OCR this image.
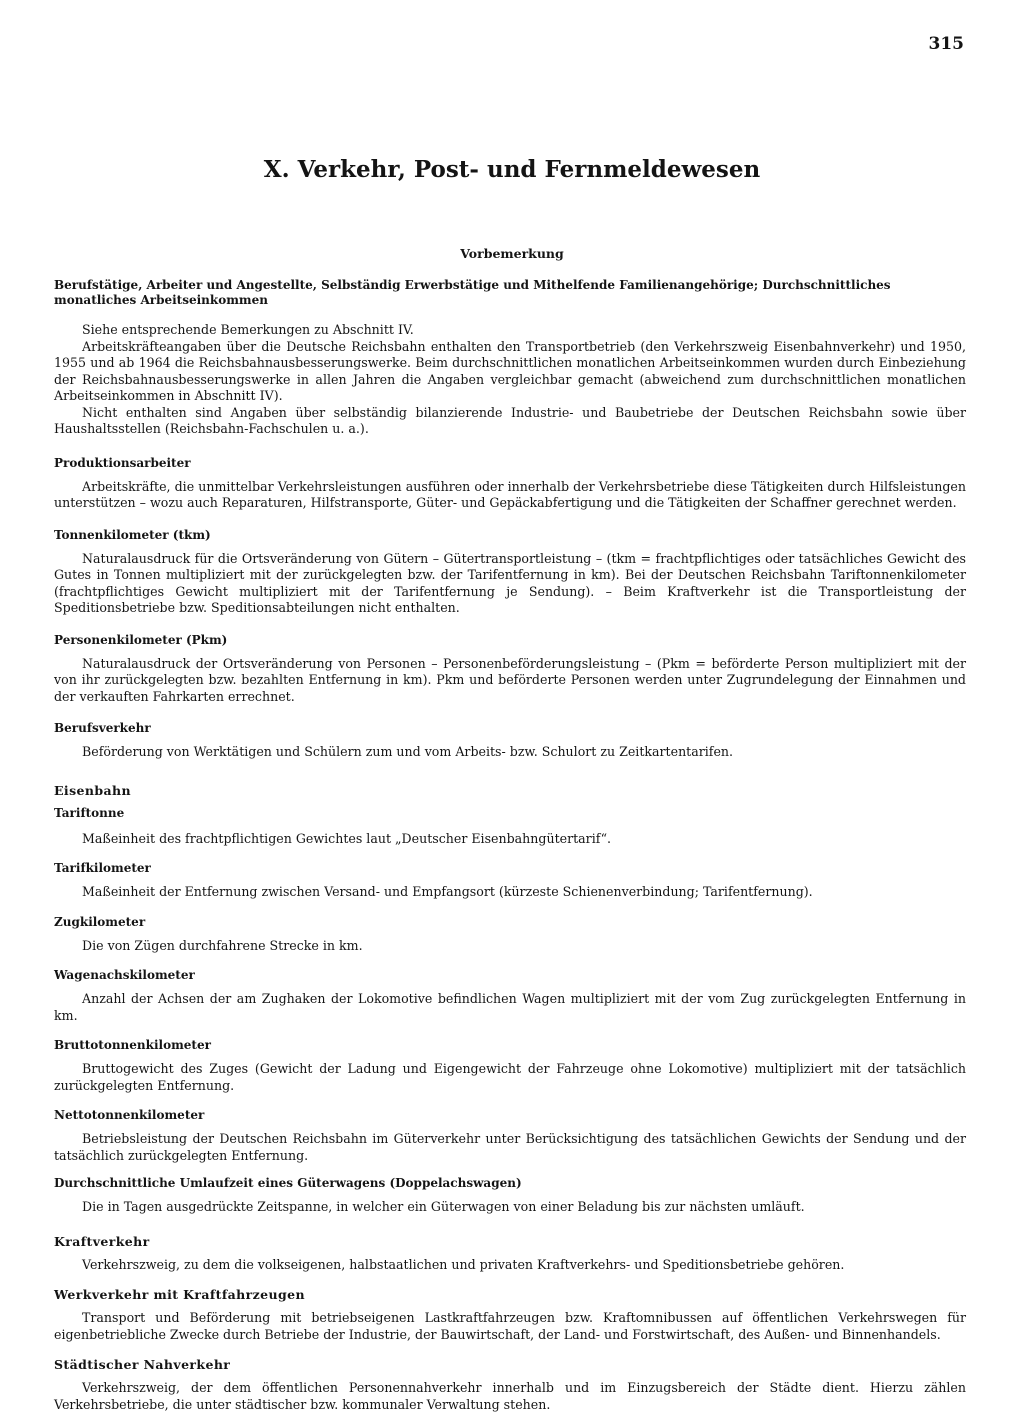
315
X. Verkehr, Post- und Fernmeldewesen
Vorbemerkung

Berufstätige, Arbeiter und Angestellte, Selbständig Erwerbstätige und Mithelfende Familienangehörige; Durchschnittliches monatliches Arbeitseinkommen

Siehe entsprechende Bemerkungen zu Abschnitt IV.

Arbeitskräfteangaben über die Deutsche Reichsbahn enthalten den Transportbetrieb (den Verkehrszweig Eisenbahnverkehr) und 1950, 1955 und ab 1964 die Reichsbahnausbesserungswerke. Beim durchschnittlichen monatlichen Arbeitseinkommen wurden durch Einbeziehung der Reichsbahnausbesserungswerke in allen Jahren die Angaben vergleichbar gemacht (abweichend zum durchschnittlichen monatlichen Arbeitseinkommen in Abschnitt IV).

Nicht enthalten sind Angaben über selbständig bilanzierende Industrie- und Baubetriebe der Deutschen Reichsbahn sowie über Haushaltsstellen (Reichsbahn-Fachschulen u. a.).

Produktionsarbeiter

Arbeitskräfte, die unmittelbar Verkehrsleistungen ausführen oder innerhalb der Verkehrsbetriebe diese Tätigkeiten durch Hilfsleistungen unterstützen – wozu auch Reparaturen, Hilfstransporte, Güter- und Gepäckabfertigung und die Tätigkeiten der Schaffner gerechnet werden.

Tonnenkilometer (tkm)

Naturalausdruck für die Ortsveränderung von Gütern – Gütertransportleistung – (tkm = frachtpflichtiges oder tatsächliches Gewicht des Gutes in Tonnen multipliziert mit der zurückgelegten bzw. der Tarifentfernung in km). Bei der Deutschen Reichsbahn Tariftonnenkilometer (frachtpflichtiges Gewicht multipliziert mit der Tarifentfernung je Sendung). – Beim Kraftverkehr ist die Transportleistung der Speditionsbetriebe bzw. Speditionsabteilungen nicht enthalten.

Personenkilometer (Pkm)

Naturalausdruck der Ortsveränderung von Personen – Personenbeförderungsleistung – (Pkm = beförderte Person multipliziert mit der von ihr zurückgelegten bzw. bezahlten Entfernung in km). Pkm und beförderte Personen werden unter Zugrundelegung der Einnahmen und der verkauften Fahrkarten errechnet.

Berufsverkehr

Beförderung von Werktätigen und Schülern zum und vom Arbeits- bzw. Schulort zu Zeitkartentarifen.

Eisenbahn

Tariftonne

Maßeinheit des frachtpflichtigen Gewichtes laut „Deutscher Eisenbahngütertarif“.

Tarifkilometer

Maßeinheit der Entfernung zwischen Versand- und Empfangsort (kürzeste Schienenverbindung; Tarifentfernung).

Zugkilometer

Die von Zügen durchfahrene Strecke in km.

Wagenachskilometer

Anzahl der Achsen der am Zughaken der Lokomotive befindlichen Wagen multipliziert mit der vom Zug zurückgelegten Entfernung in km.

Bruttotonnenkilometer

Bruttogewicht des Zuges (Gewicht der Ladung und Eigengewicht der Fahrzeuge ohne Lokomotive) multipliziert mit der tatsächlich zurückgelegten Entfernung.

Nettotonnenkilometer

Betriebsleistung der Deutschen Reichsbahn im Güterverkehr unter Berücksichtigung des tatsächlichen Gewichts der Sendung und der tatsächlich zurückgelegten Entfernung.

Durchschnittliche Umlaufzeit eines Güterwagens (Doppelachswagen)

Die in Tagen ausgedrückte Zeitspanne, in welcher ein Güterwagen von einer Beladung bis zur nächsten umläuft.

Kraftverkehr

Verkehrszweig, zu dem die volkseigenen, halbstaatlichen und privaten Kraftverkehrs- und Speditionsbetriebe gehören.

Werkverkehr mit Kraftfahrzeugen

Transport und Beförderung mit betriebseigenen Lastkraftfahrzeugen bzw. Kraftomnibussen auf öffentlichen Verkehrswegen für eigenbetriebliche Zwecke durch Betriebe der Industrie, der Bauwirtschaft, der Land- und Forstwirtschaft, des Außen- und Binnenhandels.

Städtischer Nahverkehr

Verkehrszweig, der dem öffentlichen Personennahverkehr innerhalb und im Einzugsbereich der Städte dient. Hierzu zählen Verkehrsbetriebe, die unter städtischer bzw. kommunaler Verwaltung stehen.
